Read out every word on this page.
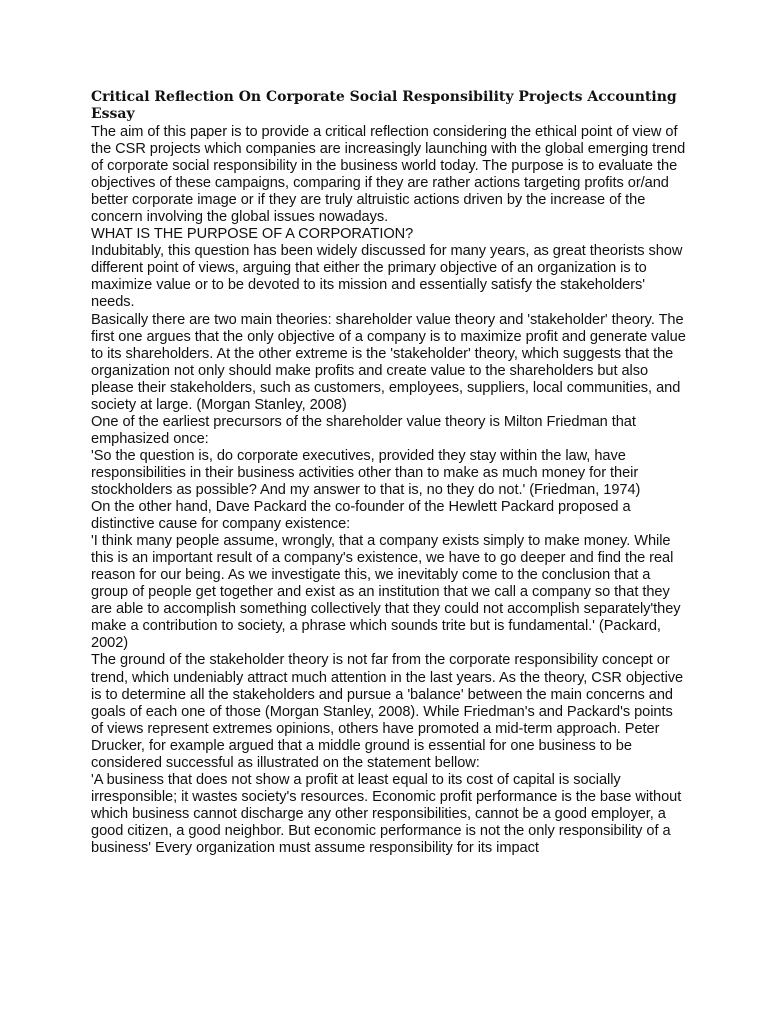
Critical Reflection On Corporate Social Responsibility Projects Accounting Essay

The aim of this paper is to provide a critical reflection considering the ethical point of view of the CSR projects which companies are increasingly launching with the global emerging trend of corporate social responsibility in the business world today. The purpose is to evaluate the objectives of these campaigns, comparing if they are rather actions targeting profits or/and better corporate image or if they are truly altruistic actions driven by the increase of the concern involving the global issues nowadays.

WHAT IS THE PURPOSE OF A CORPORATION?

Indubitably, this question has been widely discussed for many years, as great theorists show different point of views, arguing that either the primary objective of an organization is to maximize value or to be devoted to its mission and essentially satisfy the stakeholders' needs.

Basically there are two main theories: shareholder value theory and 'stakeholder' theory. The first one argues that the only objective of a company is to maximize profit and generate value to its shareholders. At the other extreme is the 'stakeholder' theory, which suggests that the organization not only should make profits and create value to the shareholders but also please their stakeholders, such as customers, employees, suppliers, local communities, and society at large. (Morgan Stanley, 2008)

One of the earliest precursors of the shareholder value theory is Milton Friedman that emphasized once:

'So the question is, do corporate executives, provided they stay within the law, have responsibilities in their business activities other than to make as much money for their stockholders as possible? And my answer to that is, no they do not.' (Friedman, 1974)

On the other hand, Dave Packard the co-founder of the Hewlett Packard proposed a distinctive cause for company existence:

'I think many people assume, wrongly, that a company exists simply to make money. While this is an important result of a company's existence, we have to go deeper and find the real reason for our being. As we investigate this, we inevitably come to the conclusion that a group of people get together and exist as an institution that we call a company so that they are able to accomplish something collectively that they could not accomplish separately'they make a contribution to society, a phrase which sounds trite but is fundamental.' (Packard, 2002)

The ground of the stakeholder theory is not far from the corporate responsibility concept or trend, which undeniably attract much attention in the last years. As the theory, CSR objective is to determine all the stakeholders and pursue a 'balance' between the main concerns and goals of each one of those (Morgan Stanley, 2008). While Friedman's and Packard's points of views represent extremes opinions, others have promoted a mid-term approach. Peter Drucker, for example argued that a middle ground is essential for one business to be considered successful as illustrated on the statement bellow:

'A business that does not show a profit at least equal to its cost of capital is socially irresponsible; it wastes society's resources. Economic profit performance is the base without which business cannot discharge any other responsibilities, cannot be a good employer, a good citizen, a good neighbor. But economic performance is not the only responsibility of a business' Every organization must assume responsibility for its impact
